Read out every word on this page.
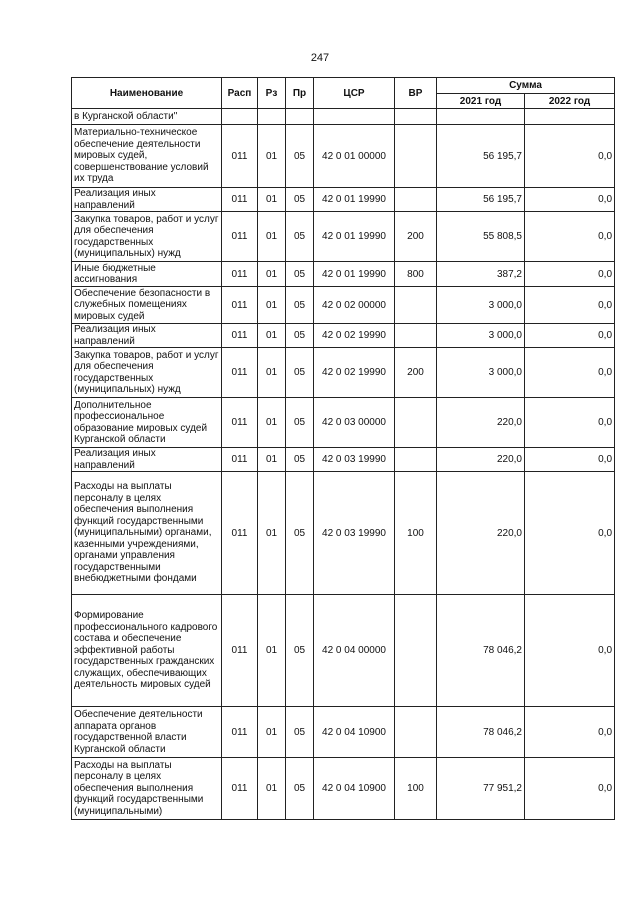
247
Наименование	Расп	Рз	Пр	ЦСР	ВР	Сумма	
						2021 год	2022 год
в Курганской области"							
Материально-техническое обеспечение деятельности мировых судей, совершенствование условий их труда	011	01	05	42 0 01 00000		56 195,7	0,0
Реализация иных направлений	011	01	05	42 0 01 19990		56 195,7	0,0
Закупка товаров, работ и услуг для обеспечения государственных (муниципальных) нужд	011	01	05	42 0 01 19990	200	55 808,5	0,0
Иные бюджетные ассигнования	011	01	05	42 0 01 19990	800	387,2	0,0
Обеспечение безопасности в служебных помещениях мировых судей	011	01	05	42 0 02 00000		3 000,0	0,0
Реализация иных направлений	011	01	05	42 0 02 19990		3 000,0	0,0
Закупка товаров, работ и услуг для обеспечения государственных (муниципальных) нужд	011	01	05	42 0 02 19990	200	3 000,0	0,0
Дополнительное профессиональное образование мировых судей Курганской области	011	01	05	42 0 03 00000		220,0	0,0
Реализация иных направлений	011	01	05	42 0 03 19990		220,0	0,0
Расходы на выплаты персоналу в целях обеспечения выполнения функций государственными (муниципальными) органами, казенными учреждениями, органами управления государственными внебюджетными фондами	011	01	05	42 0 03 19990	100	220,0	0,0
Формирование профессионального кадрового состава и обеспечение эффективной работы государственных гражданских служащих, обеспечивающих деятельность мировых судей	011	01	05	42 0 04 00000		78 046,2	0,0
Обеспечение деятельности аппарата органов государственной власти Курганской области	011	01	05	42 0 04 10900		78 046,2	0,0
Расходы на выплаты персоналу в целях обеспечения выполнения функций государственными (муниципальными)	011	01	05	42 0 04 10900	100	77 951,2	0,0
